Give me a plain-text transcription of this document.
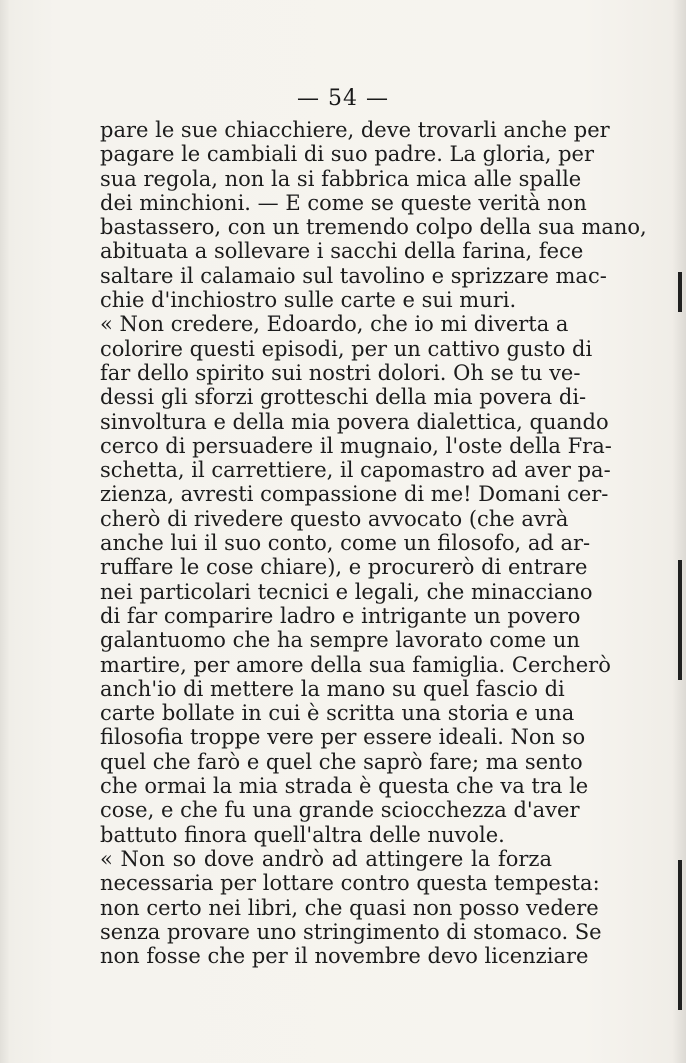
— 54 —
pare le sue chiacchiere, deve trovarli anche per
pagare le cambiali di suo padre. La gloria, per
sua regola, non la si fabbrica mica alle spalle
dei minchioni. — E come se queste verità non
bastassero, con un tremendo colpo della sua mano,
abituata a sollevare i sacchi della farina, fece
saltare il calamaio sul tavolino e sprizzare mac-
chie d'inchiostro sulle carte e sui muri.
« Non credere, Edoardo, che io mi diverta a
colorire questi episodi, per un cattivo gusto di
far dello spirito sui nostri dolori. Oh se tu ve-
dessi gli sforzi grotteschi della mia povera di-
sinvoltura e della mia povera dialettica, quando
cerco di persuadere il mugnaio, l'oste della Fra-
schetta, il carrettiere, il capomastro ad aver pa-
zienza, avresti compassione di me! Domani cer-
cherò di rivedere questo avvocato (che avrà
anche lui il suo conto, come un filosofo, ad ar-
ruffare le cose chiare), e procurerò di entrare
nei particolari tecnici e legali, che minacciano
di far comparire ladro e intrigante un povero
galantuomo che ha sempre lavorato come un
martire, per amore della sua famiglia. Cercherò
anch'io di mettere la mano su quel fascio di
carte bollate in cui è scritta una storia e una
filosofia troppe vere per essere ideali. Non so
quel che farò e quel che saprò fare; ma sento
che ormai la mia strada è questa che va tra le
cose, e che fu una grande sciocchezza d'aver
battuto finora quell'altra delle nuvole.
« Non so dove andrò ad attingere la forza
necessaria per lottare contro questa tempesta:
non certo nei libri, che quasi non posso vedere
senza provare uno stringimento di stomaco. Se
non fosse che per il novembre devo licenziare
